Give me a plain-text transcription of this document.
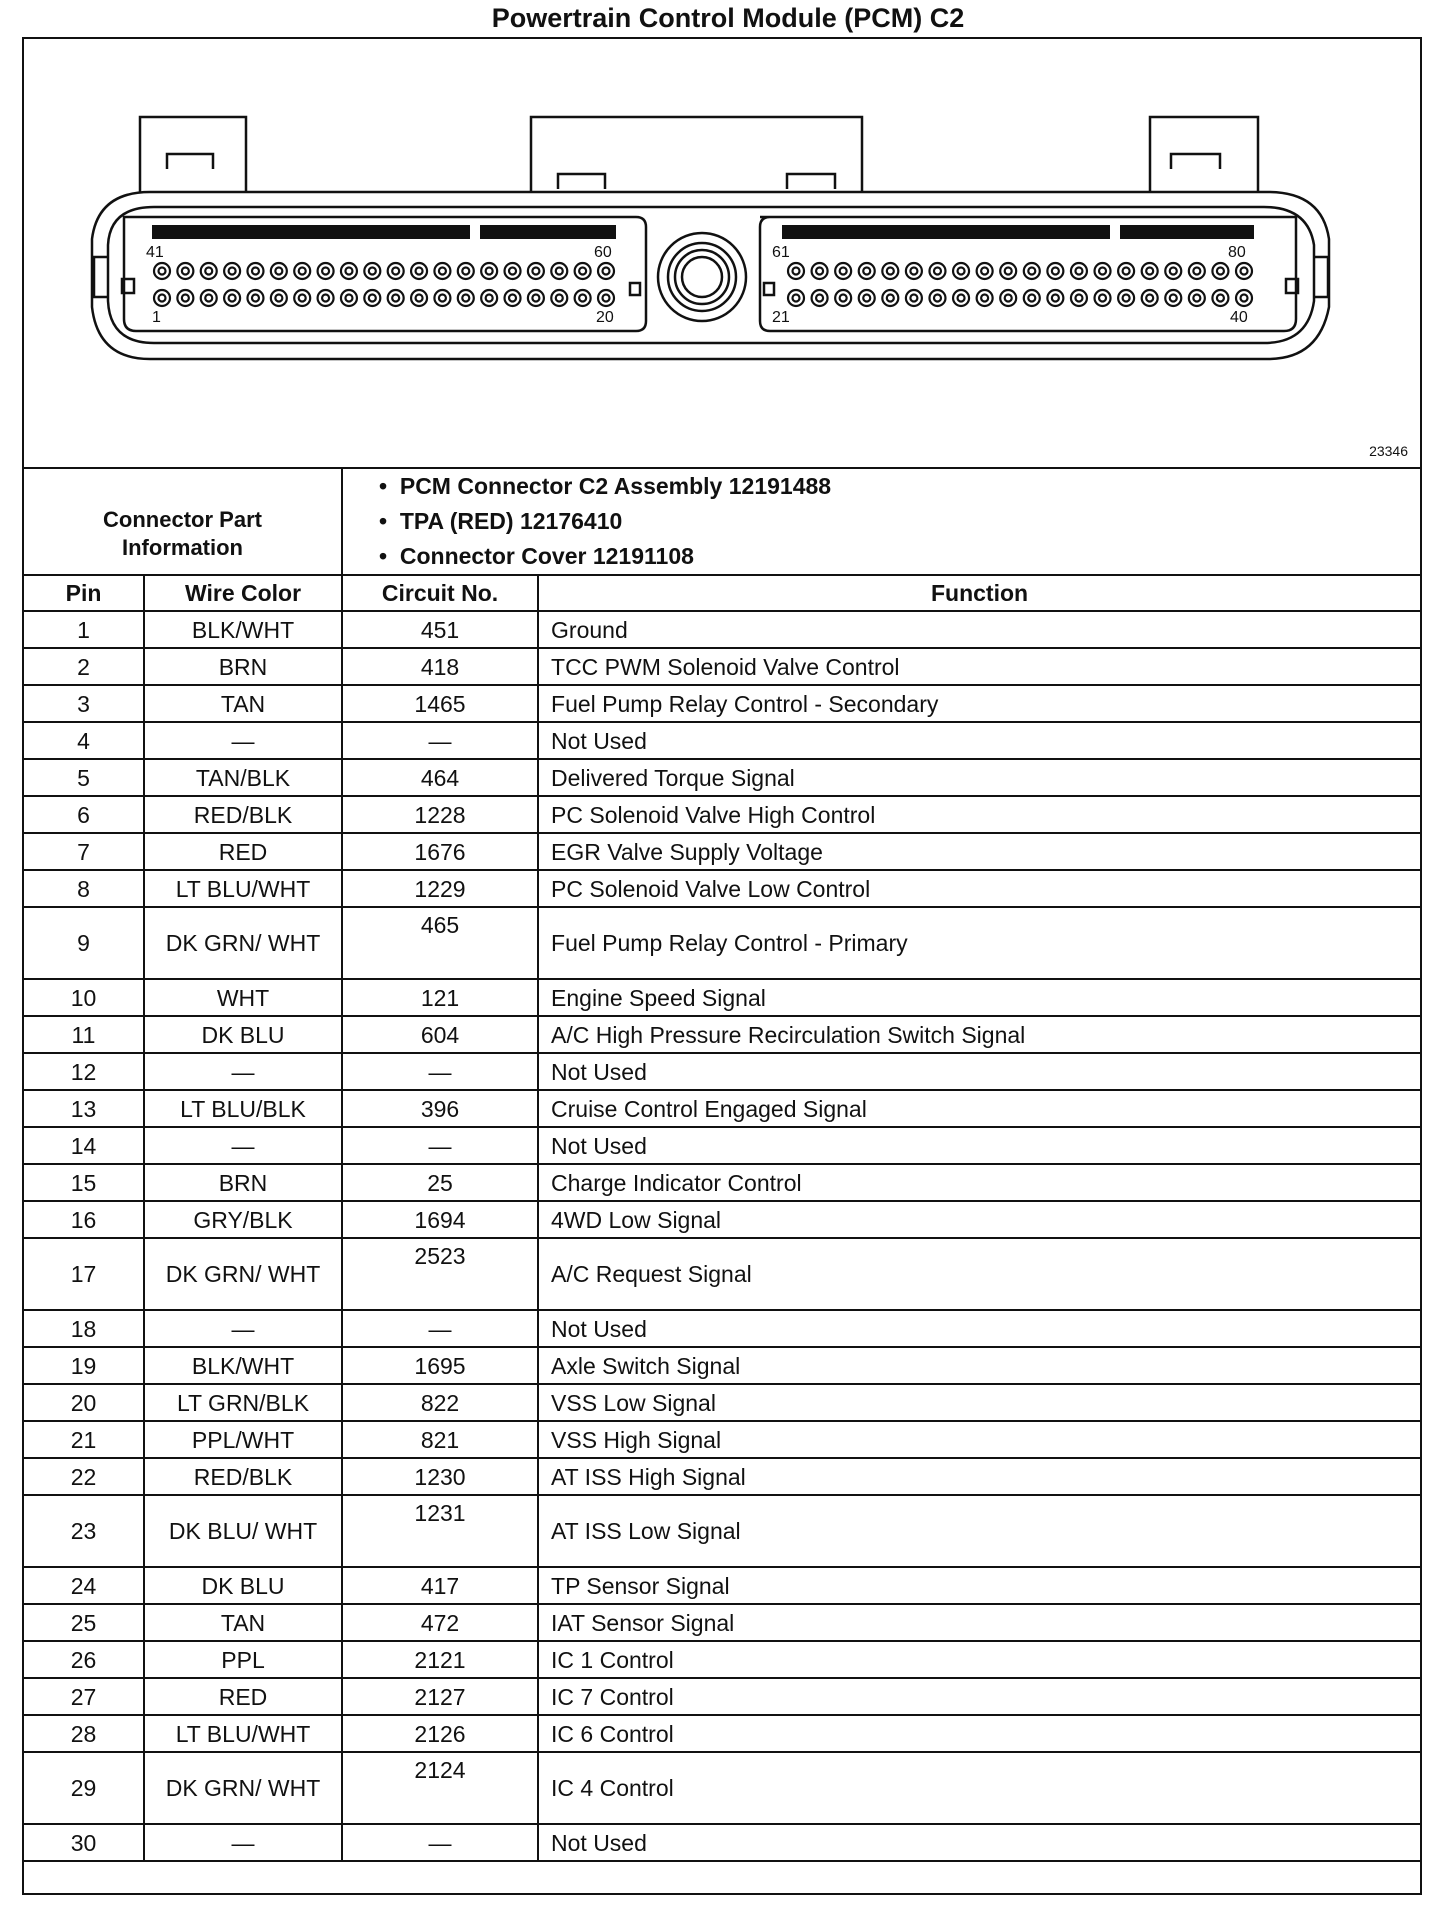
Powertrain Control Module (PCM) C2
41	60
1	20
61	80
21	40
23346
Connector Part Information		•  PCM Connector C2 Assembly 12191488
•  TPA (RED) 12176410
•  Connector Cover 12191108	

Pin	Wire Color	Circuit No.	Function
1	BLK/WHT	451	Ground
2	BRN	418	TCC PWM Solenoid Valve Control
3	TAN	1465	Fuel Pump Relay Control - Secondary
4	—	—	Not Used
5	TAN/BLK	464	Delivered Torque Signal
6	RED/BLK	1228	PC Solenoid Valve High Control
7	RED	1676	EGR Valve Supply Voltage
8	LT BLU/WHT	1229	PC Solenoid Valve Low Control
9	DK GRN/ WHT	465	Fuel Pump Relay Control - Primary
10	WHT	121	Engine Speed Signal
11	DK BLU	604	A/C High Pressure Recirculation Switch Signal
12	—	—	Not Used
13	LT BLU/BLK	396	Cruise Control Engaged Signal
14	—	—	Not Used
15	BRN	25	Charge Indicator Control
16	GRY/BLK	1694	4WD Low Signal
17	DK GRN/ WHT	2523	A/C Request Signal
18	—	—	Not Used
19	BLK/WHT	1695	Axle Switch Signal
20	LT GRN/BLK	822	VSS Low Signal
21	PPL/WHT	821	VSS High Signal
22	RED/BLK	1230	AT ISS High Signal
23	DK BLU/ WHT	1231	AT ISS Low Signal
24	DK BLU	417	TP Sensor Signal
25	TAN	472	IAT Sensor Signal
26	PPL	2121	IC 1 Control
27	RED	2127	IC 7 Control
28	LT BLU/WHT	2126	IC 6 Control
29	DK GRN/ WHT	2124	IC 4 Control
30	—	—	Not Used
